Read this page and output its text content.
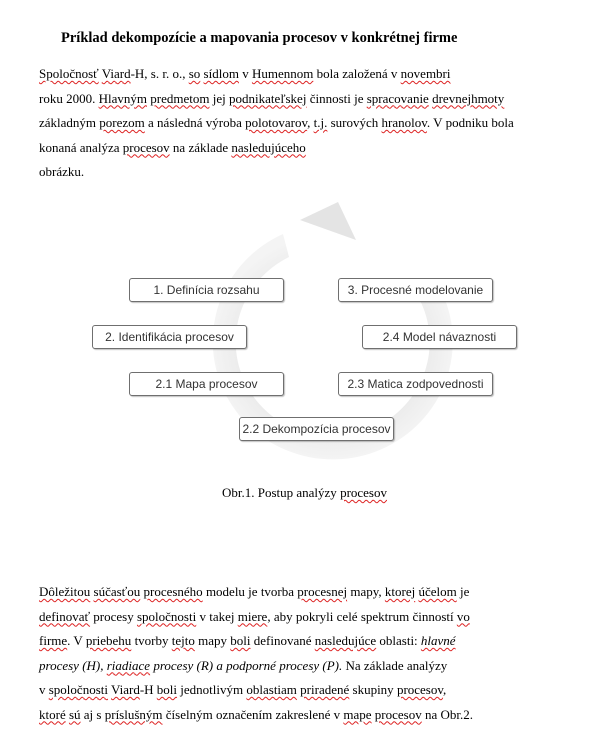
Príklad dekompozície a mapovania procesov v konkrétnej firme
Spoločnosť Viard-H, s. r. o., so sídlom v Humennom bola založená v novembri
roku 2000. Hlavným predmetom jej podnikateľskej činnosti je spracovanie drevnejhmoty
základným porezom a následná výroba polotovarov, t.j. surových hranolov. V podniku bola
konaná analýza procesov na základe nasledujúceho
obrázku.
1. Definícia rozsahu	3. Procesné modelovanie
2. Identifikácia procesov	2.4 Model návaznosti
2.1 Mapa procesov	2.3 Matica zodpovednosti
2.2 Dekompozícia procesov
Obr.1. Postup analýzy procesov
Dôležitou súčasťou procesného modelu je tvorba procesnej mapy, ktorej účelom je
definovať procesy spoločnosti v takej miere, aby pokryli celé spektrum činností vo
firme. V priebehu tvorby tejto mapy boli definované nasledujúce oblasti: hlavné
procesy (H), riadiace procesy (R) a podporné procesy (P). Na základe analýzy
v spoločnosti Viard-H boli jednotlivým oblastiam priradené skupiny procesov,
ktoré sú aj s príslušným číselným označením zakreslené v mape procesov na Obr.2.
